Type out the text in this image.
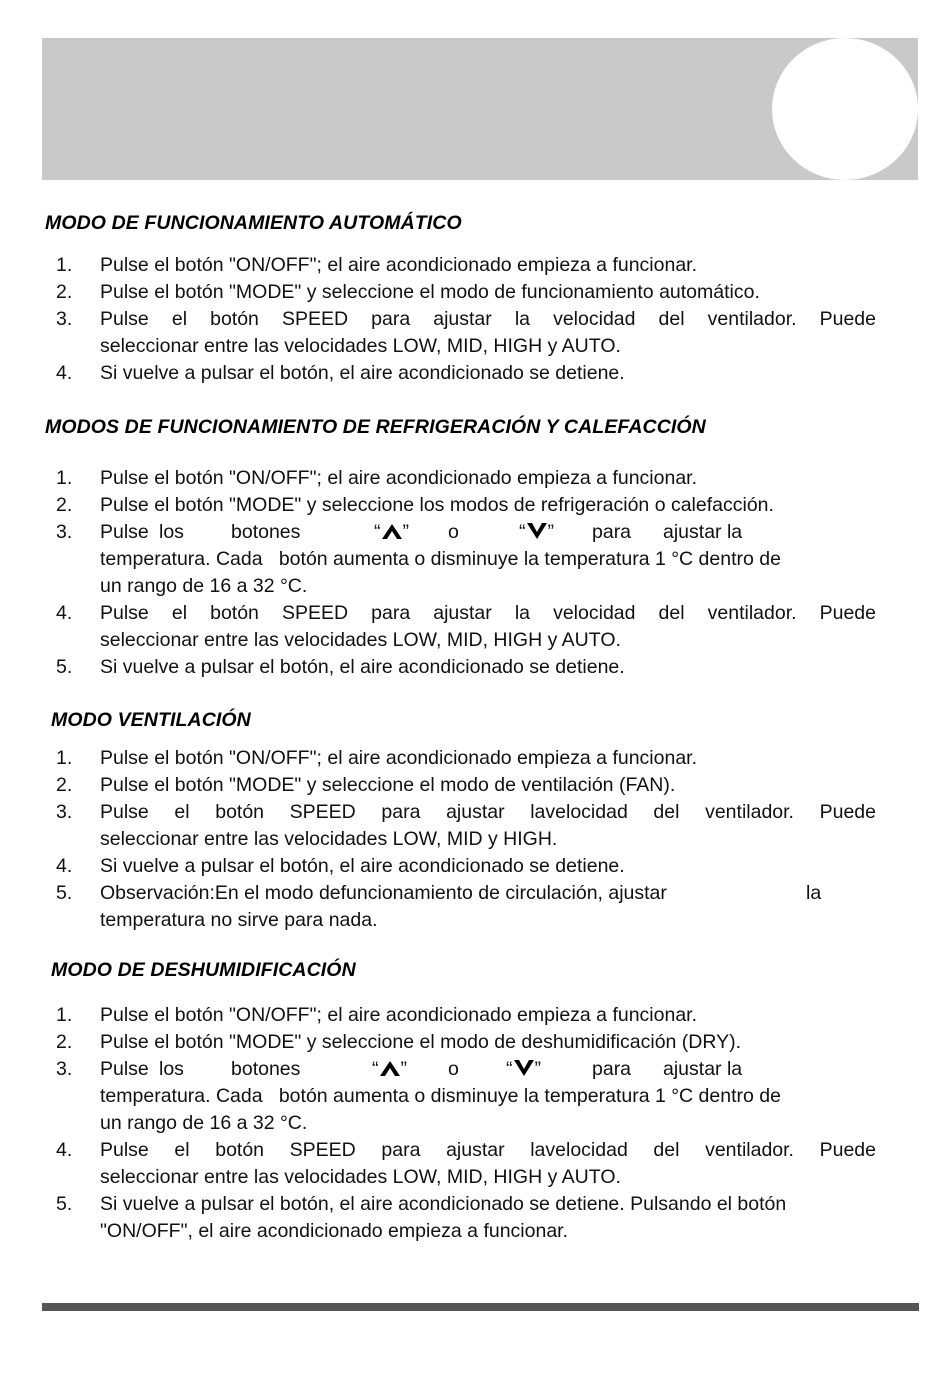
MODO DE FUNCIONAMIENTO AUTOMÁTICO
1.	Pulse el botón "ON/OFF"; el aire acondicionado empieza a funcionar.
2.	Pulse el botón "MODE" y seleccione el modo de funcionamiento automático.
3.	Pulse el botón SPEED para ajustar la velocidad del ventilador. Puede
seleccionar entre las velocidades LOW, MID, HIGH y AUTO.
4.	Si vuelve a pulsar el botón, el aire acondicionado se detiene.
MODOS DE FUNCIONAMIENTO DE REFRIGERACIÓN Y CALEFACCIÓN
1.	Pulse el botón "ON/OFF"; el aire acondicionado empieza a funcionar.
2.	Pulse el botón "MODE" y seleccione los modos de refrigeración o calefacción.
3.	Pulse los botones	“ ” o	“ ” para ajustar la
temperatura. Cada   botón aumenta o disminuye la temperatura 1 °C dentro de
un rango de 16 a 32 °C.
4.	Pulse el botón SPEED para ajustar la velocidad del ventilador. Puede
seleccionar entre las velocidades LOW, MID, HIGH y AUTO.
5.	Si vuelve a pulsar el botón, el aire acondicionado se detiene.
MODO VENTILACIÓN
1.	Pulse el botón "ON/OFF"; el aire acondicionado empieza a funcionar.
2.	Pulse el botón "MODE" y seleccione el modo de ventilación (FAN).
3.	Pulse el botón SPEED para ajustar lavelocidad del ventilador. Puede
seleccionar entre las velocidades LOW, MID y HIGH.
4.	Si vuelve a pulsar el botón, el aire acondicionado se detiene.
5.	Observación:En el modo defuncionamiento de circulación, ajustar	la
temperatura no sirve para nada.
MODO DE DESHUMIDIFICACIÓN
1.	Pulse el botón "ON/OFF"; el aire acondicionado empieza a funcionar.
2.	Pulse el botón "MODE" y seleccione el modo de deshumidificación (DRY).
3.	Pulse los botones	“ ” o “ ”	para ajustar la
temperatura. Cada   botón aumenta o disminuye la temperatura 1 °C dentro de
un rango de 16 a 32 °C.
4.	Pulse el botón SPEED para ajustar lavelocidad del ventilador. Puede
seleccionar entre las velocidades LOW, MID, HIGH y AUTO.
5.	Si vuelve a pulsar el botón, el aire acondicionado se detiene. Pulsando el botón
"ON/OFF", el aire acondicionado empieza a funcionar.
